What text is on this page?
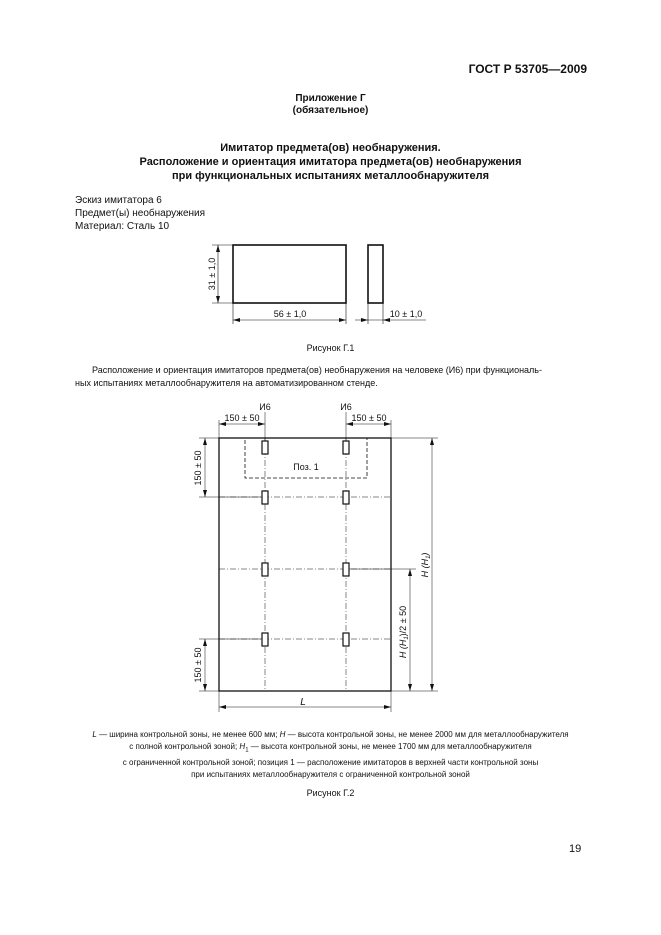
ГОСТ Р 53705—2009
Приложение Г
(обязательное)
Имитатор предмета(ов) необнаружения.
Расположение и ориентация имитатора предмета(ов) необнаружения
при функциональных испытаниях металлообнаружителя
Эскиз имитатора 6
Предмет(ы) необнаружения
Материал: Сталь 10
31 ± 1,0
56 ± 1,0	10 ± 1,0
Рисунок Г.1
Расположение и ориентация имитаторов предмета(ов) необнаружения на человеке (И6) при функциональ-
ных испытаниях металлообнаружителя на автоматизированном стенде.
И6	И6
150 ± 50	150 ± 50
150 ± 50
150 ± 50
Поз. 1
H $(H_1)/2 \pm 50$
H $(H_1)$
L
L — ширина контрольной зоны, не менее 600 мм; H — высота контрольной зоны, не менее 2000 мм для металлообнаружителя
с полной контрольной зоной; $H_1$ — высота контрольной зоны, не менее 1700 мм для металлообнаружителя
с ограниченной контрольной зоной; позиция 1 — расположение имитаторов в верхней части контрольной зоны
при испытаниях металлообнаружителя с ограниченной контрольной зоной
Рисунок Г.2
19
